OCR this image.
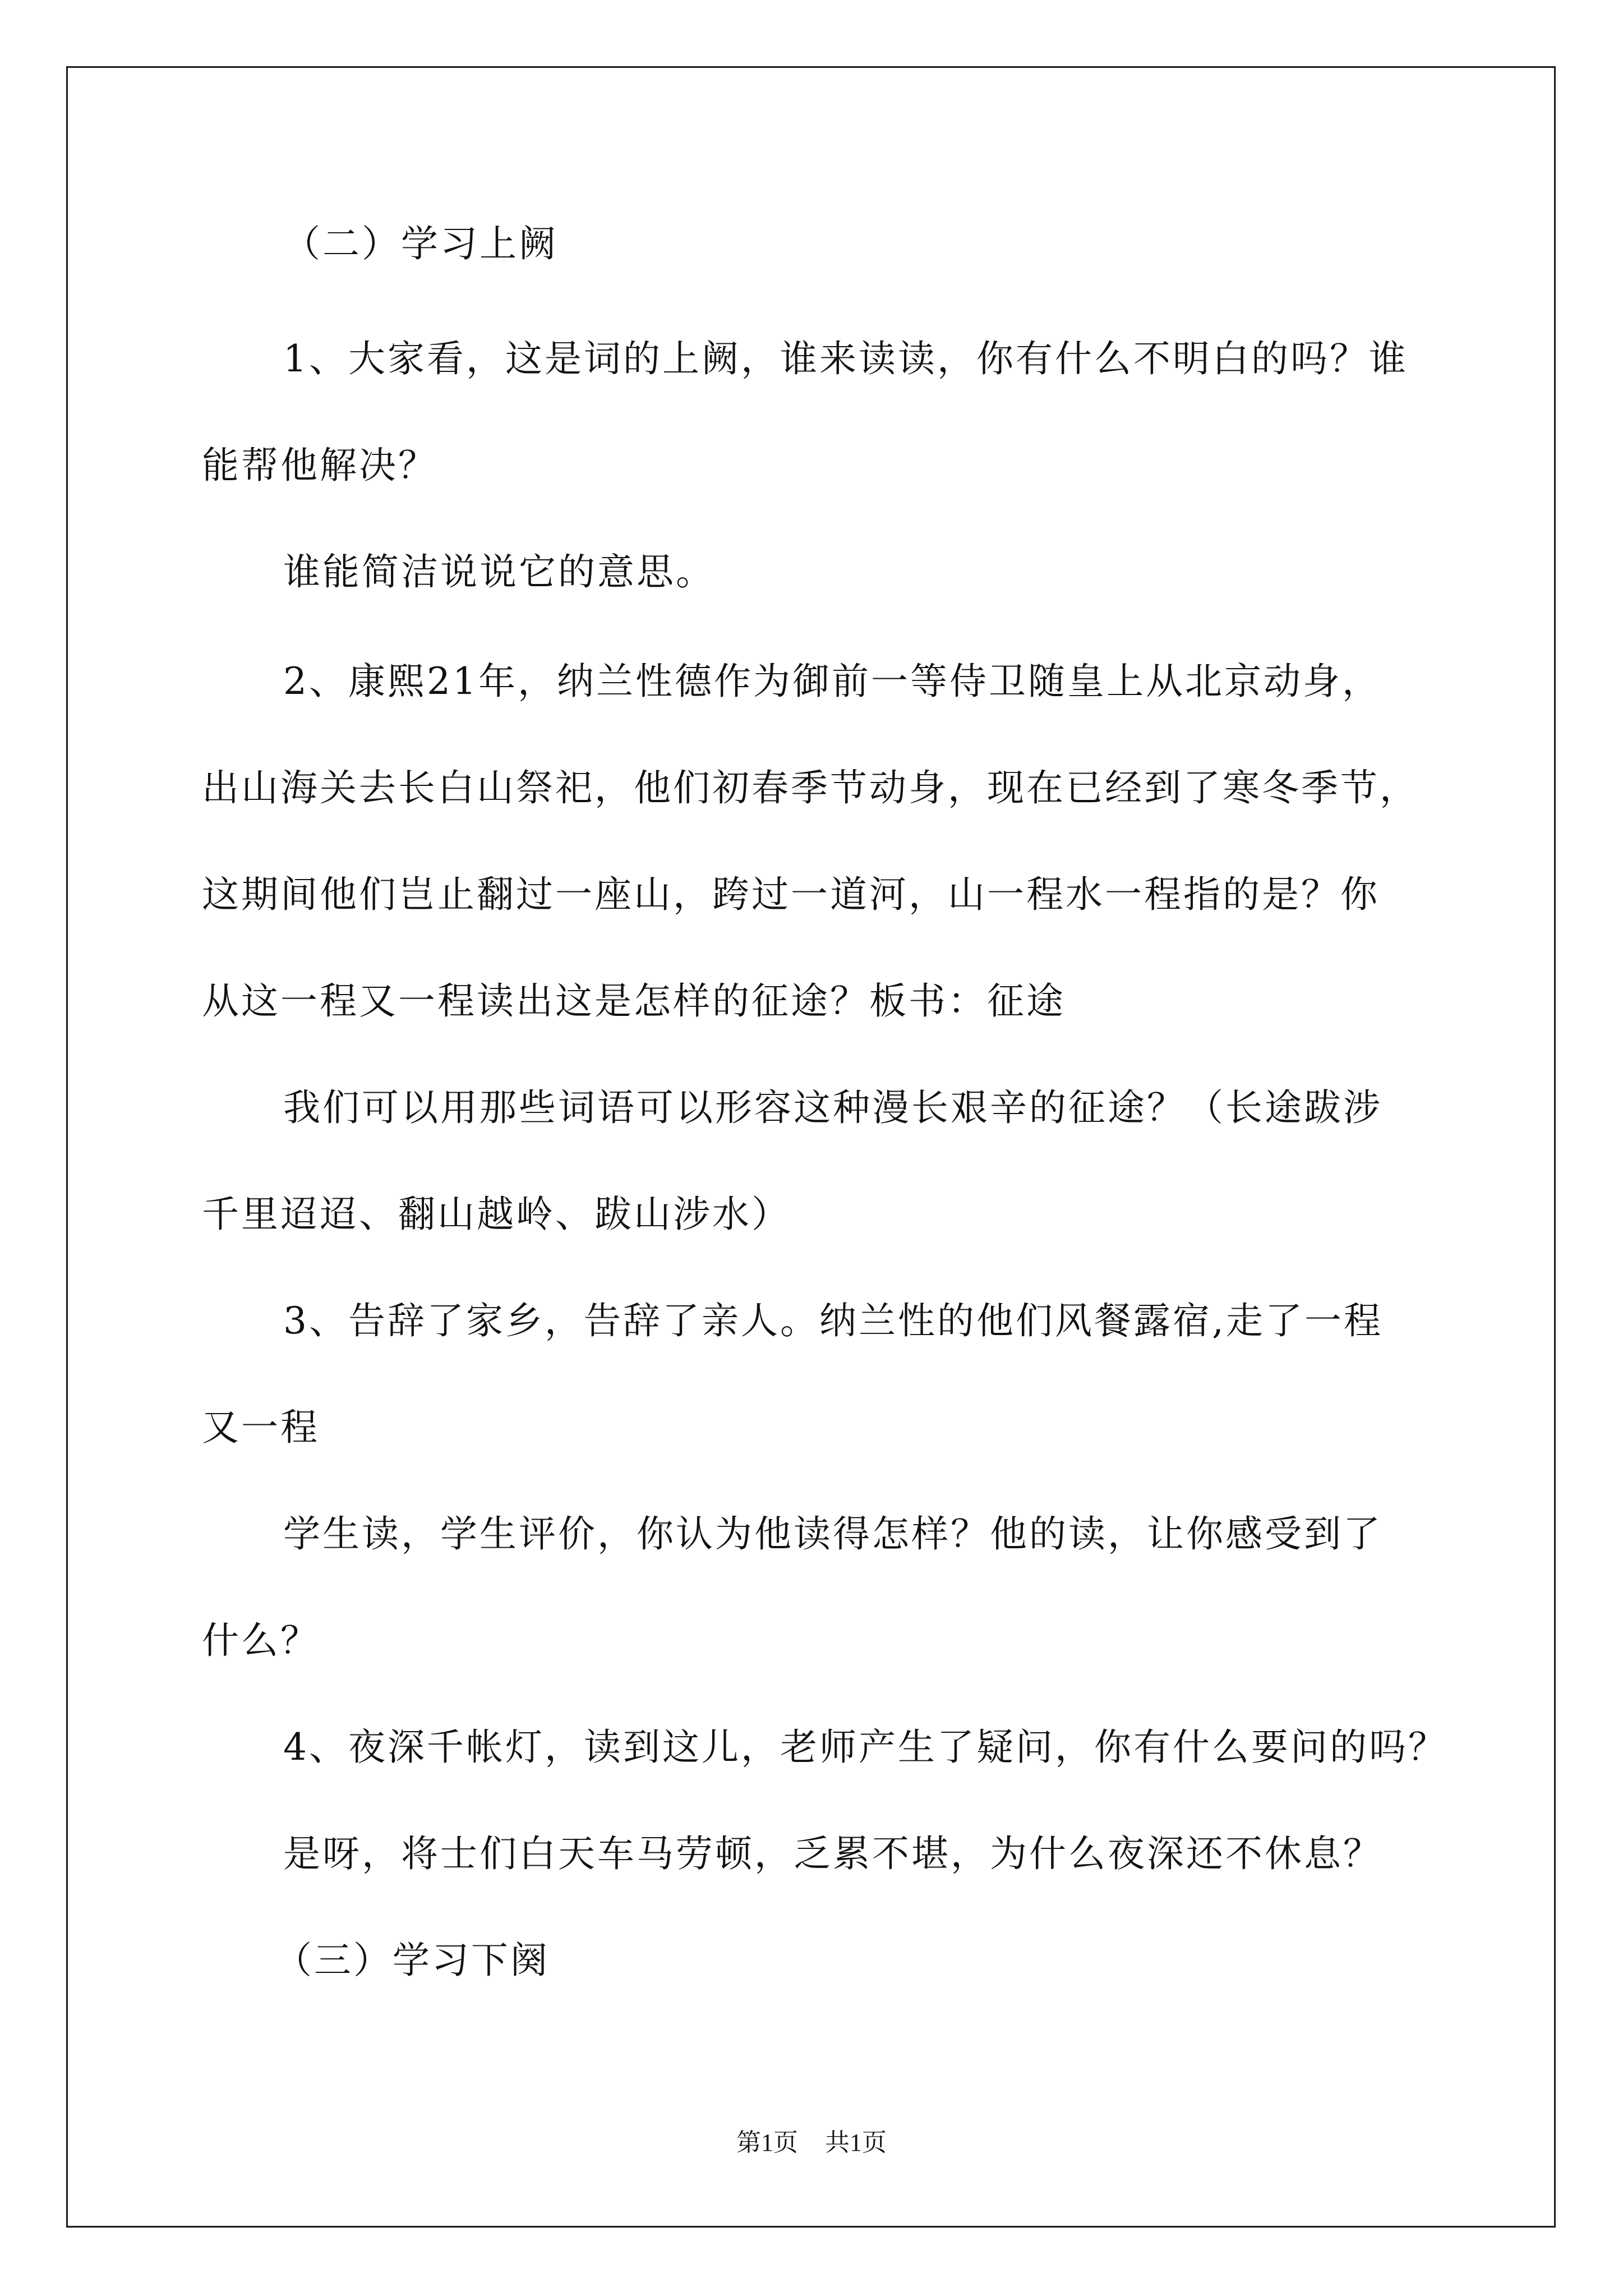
（二）学习上阙
1、大家看，这是词的上阙，谁来读读，你有什么不明白的吗？谁
能帮他解决？
谁能简洁说说它的意思。
2、康熙21年，纳兰性德作为御前一等侍卫随皇上从北京动身，
出山海关去长白山祭祀，他们初春季节动身，现在已经到了寒冬季节，
这期间他们岂止翻过一座山，跨过一道河，山一程水一程指的是？你
从这一程又一程读出这是怎样的征途？板书：征途
我们可以用那些词语可以形容这种漫长艰辛的征途？（长途跋涉
千里迢迢、翻山越岭、跋山涉水）
3、告辞了家乡，告辞了亲人。纳兰性的他们风餐露宿,走了一程
又一程
学生读，学生评价，你认为他读得怎样？他的读，让你感受到了
什么？
4、夜深千帐灯，读到这儿，老师产生了疑问，你有什么要问的吗？
是呀，将士们白天车马劳顿，乏累不堪，为什么夜深还不休息？
（三）学习下阕
第1页 共1页
